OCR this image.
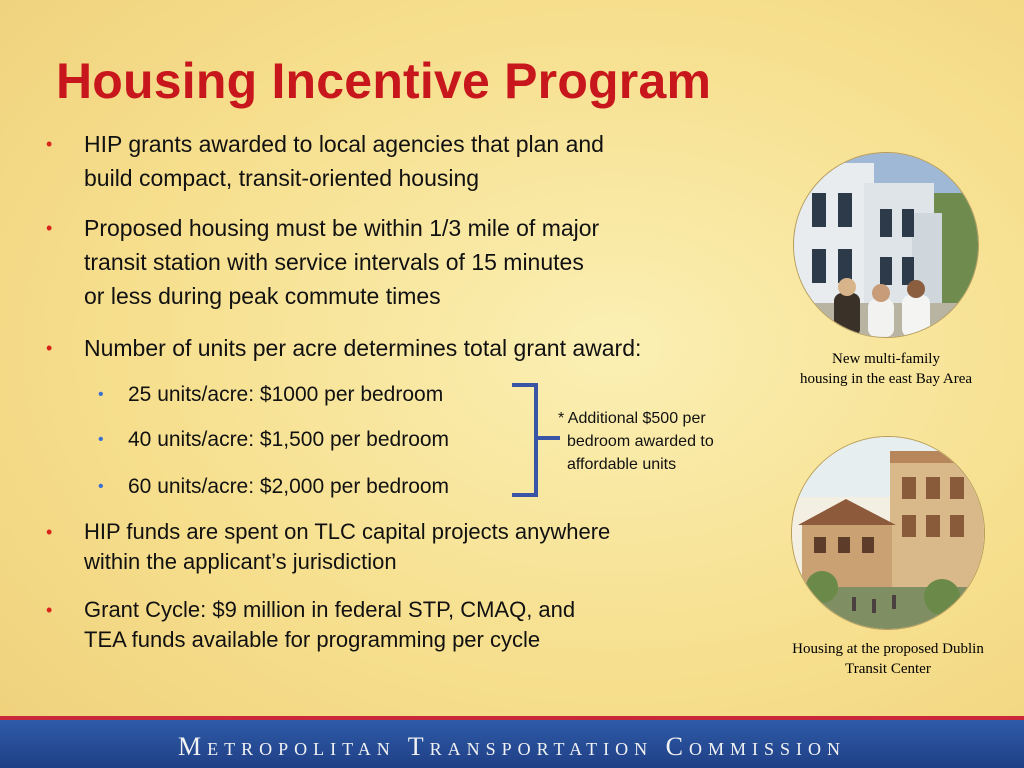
Housing Incentive Program
• HIP grants awarded to local agencies that plan and
build compact, transit-oriented housing
• Proposed housing must be within 1/3 mile of major
transit station with service intervals of 15 minutes
or less during peak commute times
• Number of units per acre determines total grant award:
• 25 units/acre: $1000 per bedroom
• 40 units/acre: $1,500 per bedroom
• 60 units/acre: $2,000 per bedroom
* Additional $500 per
bedroom awarded to
affordable units
• HIP funds are spent on TLC capital projects anywhere
within the applicant’s jurisdiction
• Grant Cycle: $9 million in federal STP, CMAQ, and
TEA funds available for programming per cycle
New multi-family
housing in the east Bay Area
Housing at the proposed Dublin
Transit Center
Metropolitan Transportation Commission
